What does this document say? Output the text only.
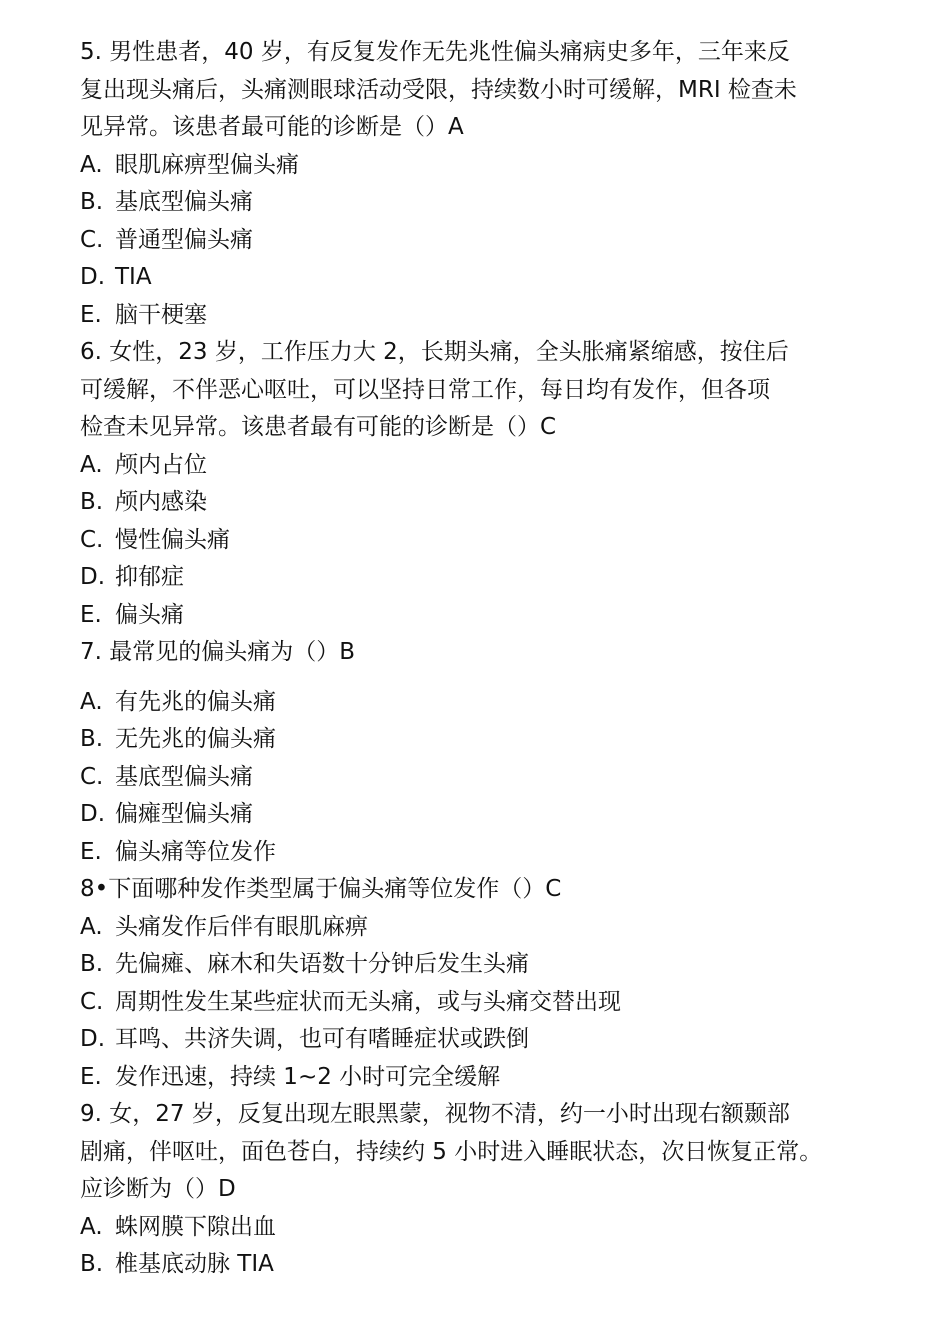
5. 男性患者，40 岁，有反复发作无先兆性偏头痛病史多年，三年来反
复出现头痛后，头痛测眼球活动受限，持续数小时可缓解，MRI 检查未
见异常。该患者最可能的诊断是（）A

A. 眼肌麻痹型偏头痛
B. 基底型偏头痛
C. 普通型偏头痛
D. TIA
E. 脑干梗塞

6. 女性，23 岁，工作压力大 2，长期头痛，全头胀痛紧缩感，按住后
可缓解，不伴恶心呕吐，可以坚持日常工作，每日均有发作，但各项
检查未见异常。该患者最有可能的诊断是（）C

A. 颅内占位
B. 颅内感染
C. 慢性偏头痛
D. 抑郁症
E. 偏头痛

7. 最常见的偏头痛为（）B

A. 有先兆的偏头痛
B. 无先兆的偏头痛
C. 基底型偏头痛
D. 偏瘫型偏头痛
E. 偏头痛等位发作

8•下面哪种发作类型属于偏头痛等位发作（）C

A. 头痛发作后伴有眼肌麻痹
B. 先偏瘫、麻木和失语数十分钟后发生头痛
C. 周期性发生某些症状而无头痛，或与头痛交替出现
D. 耳鸣、共济失调，也可有嗜睡症状或跌倒
E. 发作迅速，持续 1~2 小时可完全缓解

9. 女，27 岁，反复出现左眼黑蒙，视物不清，约一小时出现右额颞部
剧痛，伴呕吐，面色苍白，持续约 5 小时进入睡眠状态，次日恢复正常。
应诊断为（）D

A. 蛛网膜下隙出血
B. 椎基底动脉 TIA
